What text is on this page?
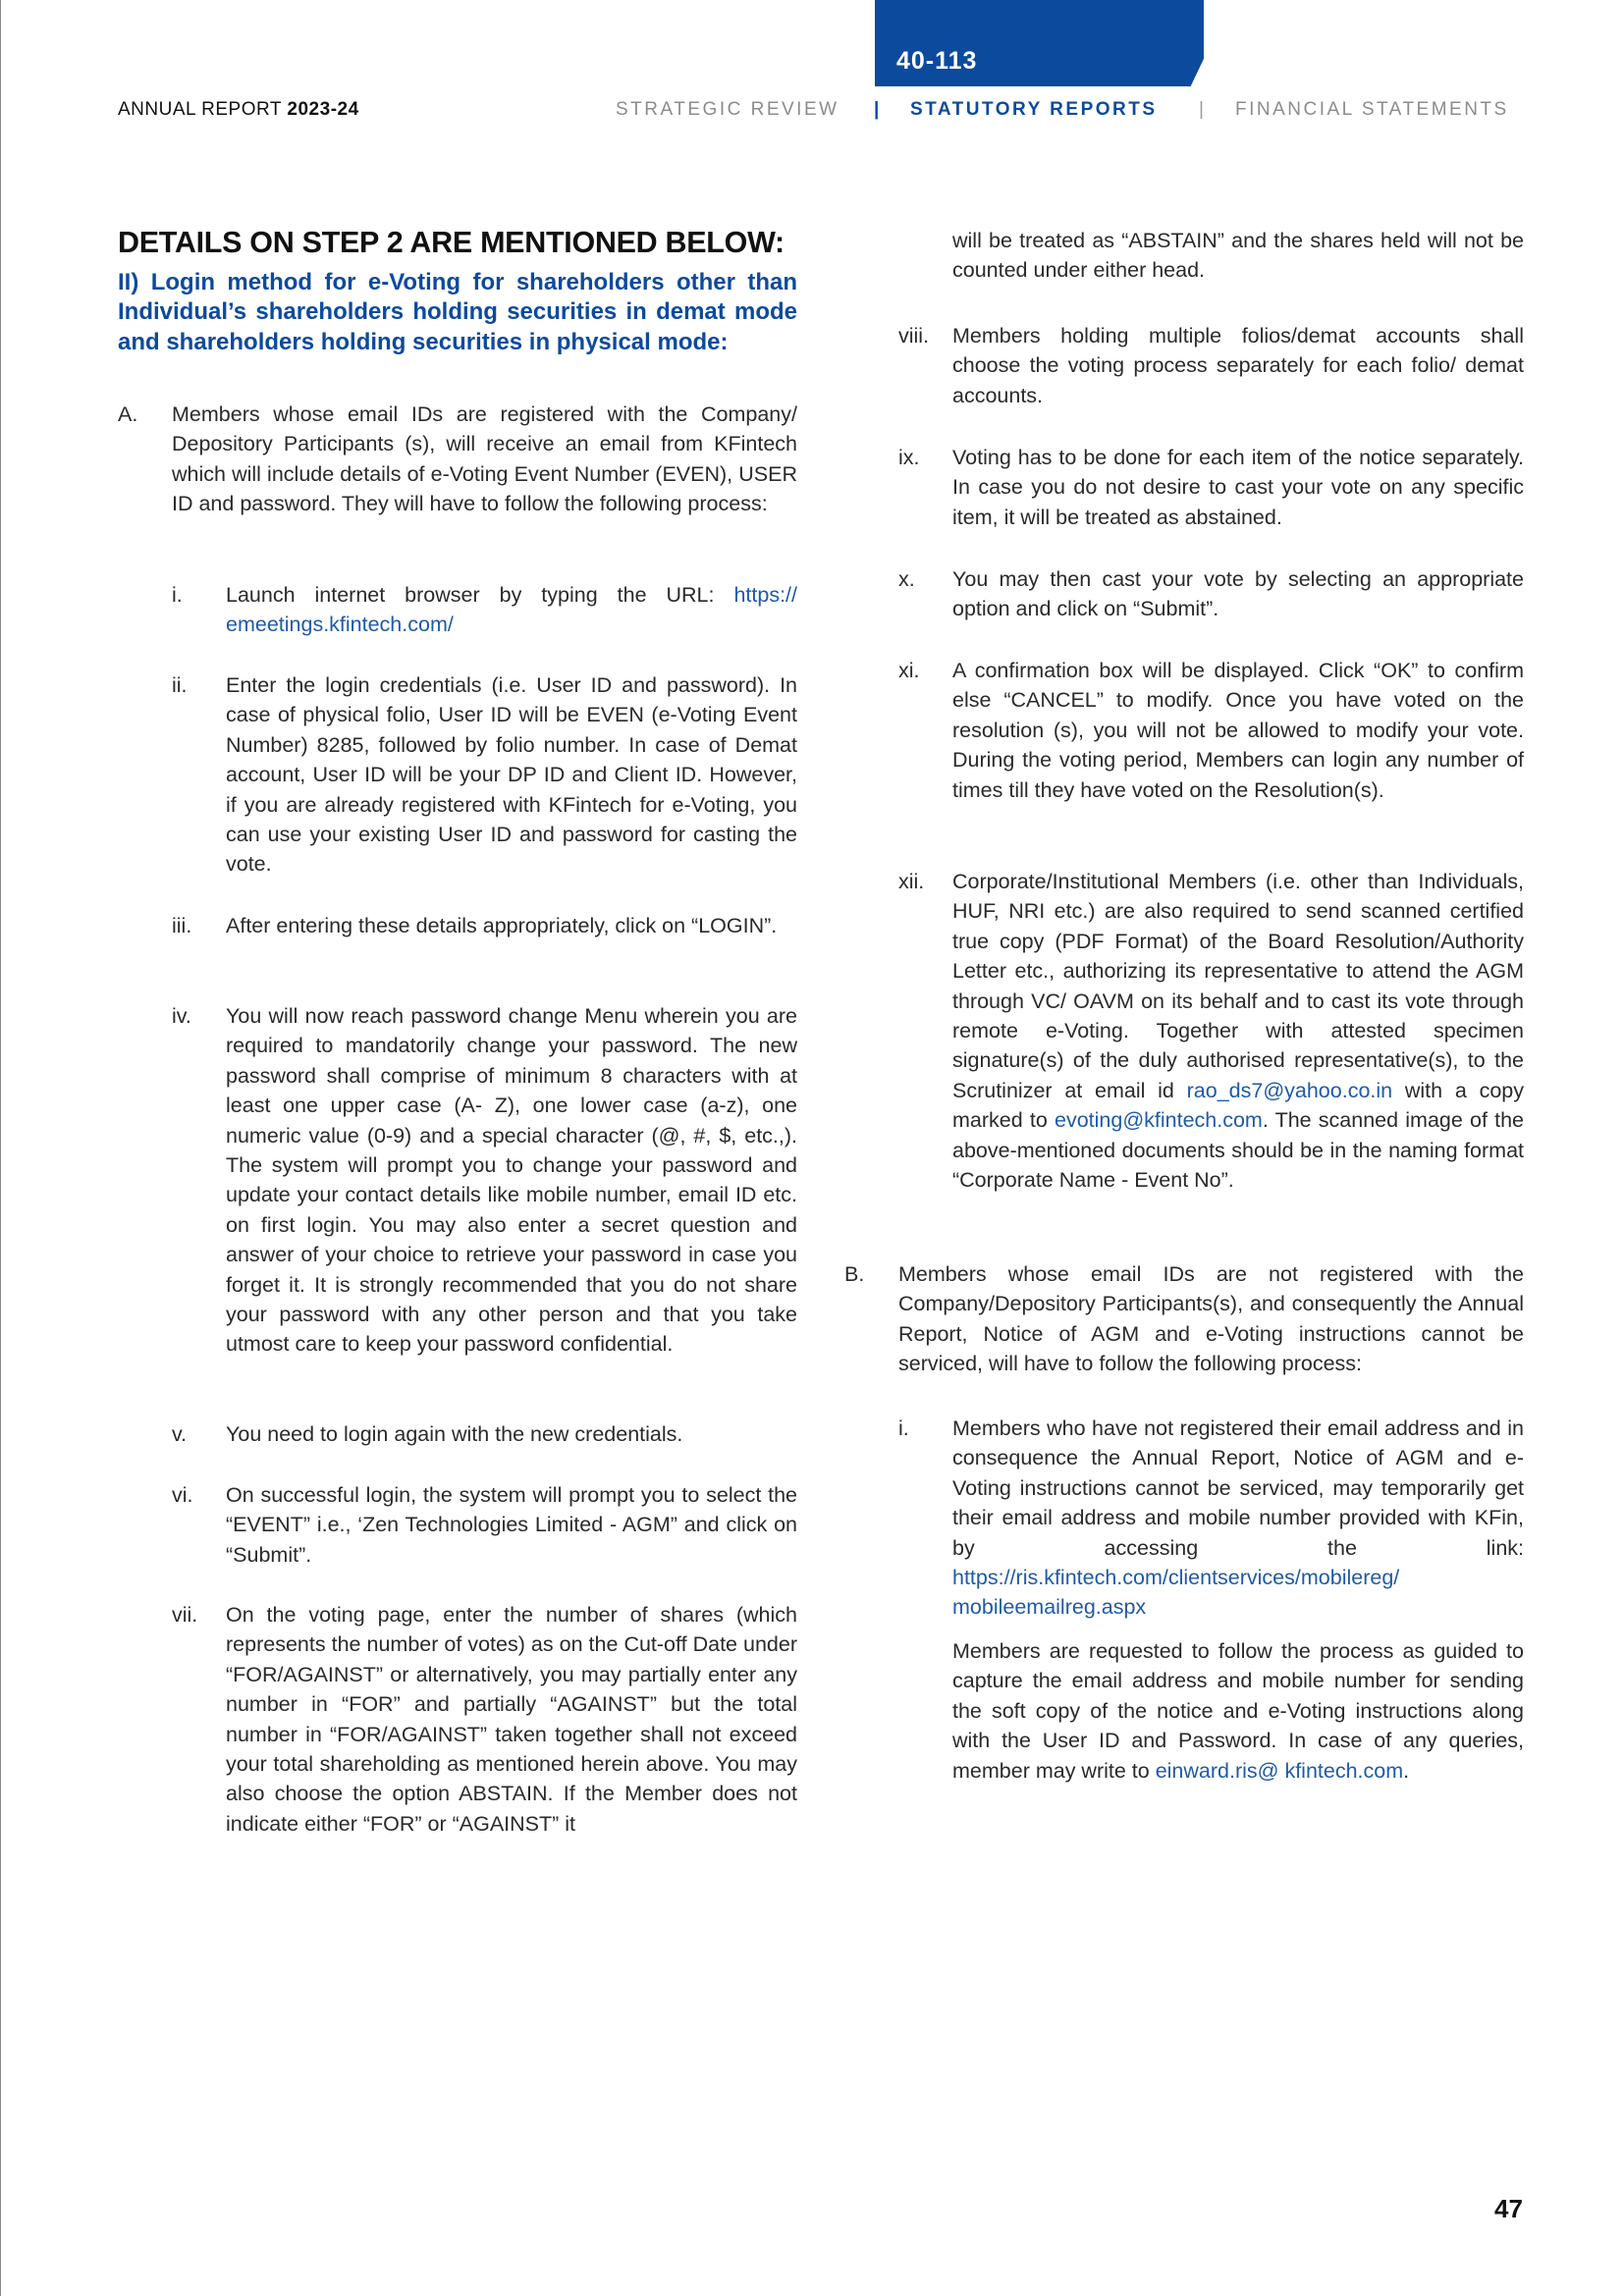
40-113
ANNUAL REPORT 2023-24	STRATEGIC REVIEW | STATUTORY REPORTS | FINANCIAL STATEMENTS
DETAILS ON STEP 2 ARE MENTIONED BELOW:
II) Login method for e-Voting for shareholders other than Individual’s shareholders holding securities in demat mode and shareholders holding securities in physical mode:
A. Members whose email IDs are registered with the Company/ Depository Participants (s), will receive an email from KFintech which will include details of e-Voting Event Number (EVEN), USER ID and password. They will have to follow the following process:
i. Launch internet browser by typing the URL: https:// emeetings.kfintech.com/
ii. Enter the login credentials (i.e. User ID and password). In case of physical folio, User ID will be EVEN (e-Voting Event Number) 8285, followed by folio number. In case of Demat account, User ID will be your DP ID and Client ID. However, if you are already registered with KFintech for e-Voting, you can use your existing User ID and password for casting the vote.
iii. After entering these details appropriately, click on “LOGIN”.
iv. You will now reach password change Menu wherein you are required to mandatorily change your password. The new password shall comprise of minimum 8 characters with at least one upper case (A- Z), one lower case (a-z), one numeric value (0-9) and a special character (@, #, $, etc.,). The system will prompt you to change your password and update your contact details like mobile number, email ID etc. on first login. You may also enter a secret question and answer of your choice to retrieve your password in case you forget it. It is strongly recommended that you do not share your password with any other person and that you take utmost care to keep your password confidential.
v. You need to login again with the new credentials.
vi. On successful login, the system will prompt you to select the “EVENT” i.e., ‘Zen Technologies Limited - AGM” and click on “Submit”.
vii. On the voting page, enter the number of shares (which represents the number of votes) as on the Cut-off Date under “FOR/AGAINST” or alternatively, you may partially enter any number in “FOR” and partially “AGAINST” but the total number in “FOR/AGAINST” taken together shall not exceed your total shareholding as mentioned herein above. You may also choose the option ABSTAIN. If the Member does not indicate either “FOR” or “AGAINST” it
will be treated as “ABSTAIN” and the shares held will not be counted under either head.
viii. Members holding multiple folios/demat accounts shall choose the voting process separately for each folio/ demat accounts.
ix. Voting has to be done for each item of the notice separately. In case you do not desire to cast your vote on any specific item, it will be treated as abstained.
x. You may then cast your vote by selecting an appropriate option and click on “Submit”.
xi. A confirmation box will be displayed. Click “OK” to confirm else “CANCEL” to modify. Once you have voted on the resolution (s), you will not be allowed to modify your vote. During the voting period, Members can login any number of times till they have voted on the Resolution(s).
xii. Corporate/Institutional Members (i.e. other than Individuals, HUF, NRI etc.) are also required to send scanned certified true copy (PDF Format) of the Board Resolution/Authority Letter etc., authorizing its representative to attend the AGM through VC/ OAVM on its behalf and to cast its vote through remote e-Voting. Together with attested specimen signature(s) of the duly authorised representative(s), to the Scrutinizer at email id rao_ds7@yahoo.co.in with a copy marked to evoting@kfintech.com. The scanned image of the above-mentioned documents should be in the naming format “Corporate Name - Event No”.
B. Members whose email IDs are not registered with the Company/Depository Participants(s), and consequently the Annual Report, Notice of AGM and e-Voting instructions cannot be serviced, will have to follow the following process:
i. Members who have not registered their email address and in consequence the Annual Report, Notice of AGM and e-Voting instructions cannot be serviced, may temporarily get their email address and mobile number provided with KFin, by accessing the link: https://ris.kfintech.com/clientservices/mobilereg/ mobileemailreg.aspx
Members are requested to follow the process as guided to capture the email address and mobile number for sending the soft copy of the notice and e-Voting instructions along with the User ID and Password. In case of any queries, member may write to einward.ris@ kfintech.com.
47
